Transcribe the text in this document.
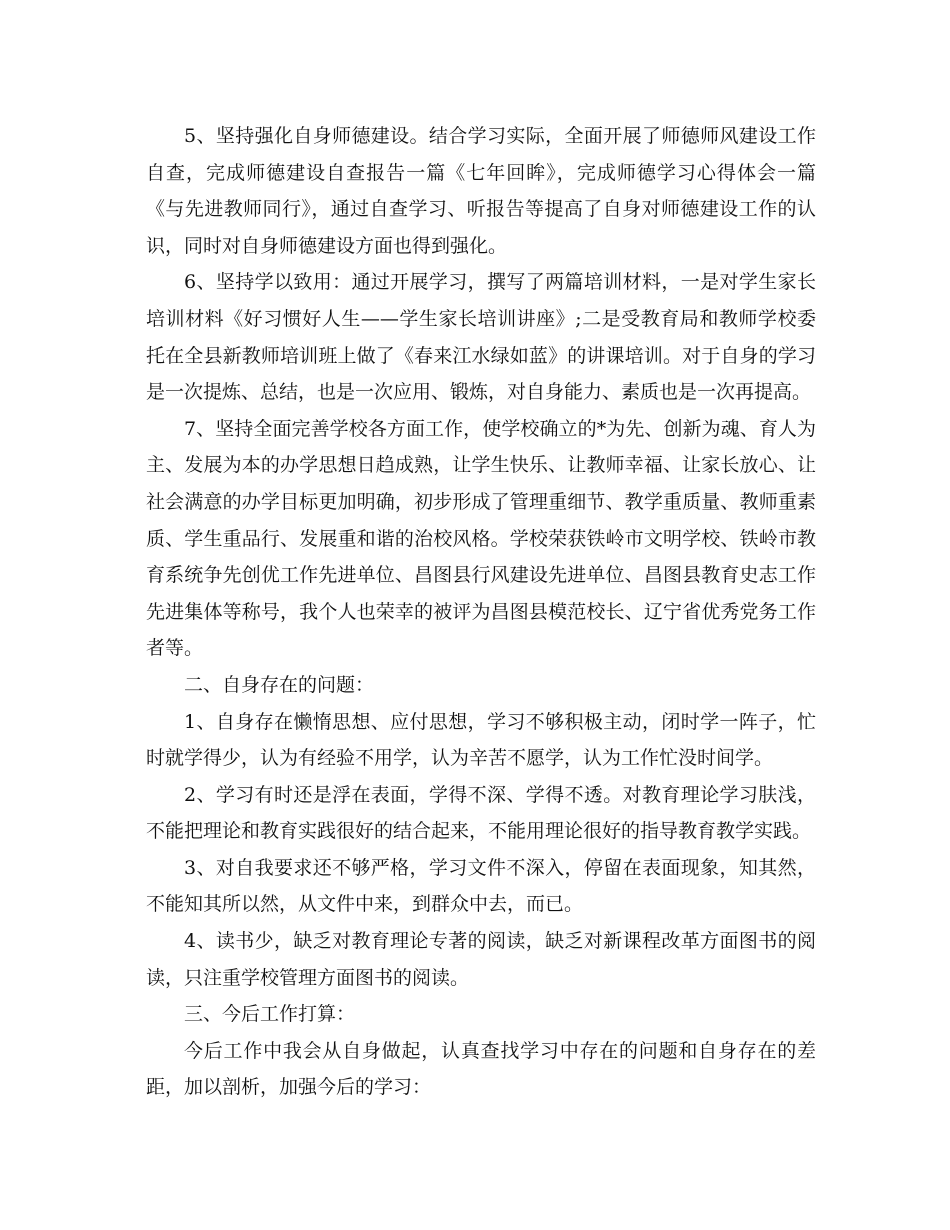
5、坚持强化自身师德建设。结合学习实际，全面开展了师德师风建设工作自查，完成师德建设自查报告一篇《七年回眸》，完成师德学习心得体会一篇《与先进教师同行》，通过自查学习、听报告等提高了自身对师德建设工作的认识，同时对自身师德建设方面也得到强化。

6、坚持学以致用：通过开展学习，撰写了两篇培训材料，一是对学生家长培训材料《好习惯好人生——学生家长培训讲座》;二是受教育局和教师学校委托在全县新教师培训班上做了《春来江水绿如蓝》的讲课培训。对于自身的学习是一次提炼、总结，也是一次应用、锻炼，对自身能力、素质也是一次再提高。

7、坚持全面完善学校各方面工作，使学校确立的*为先、创新为魂、育人为主、发展为本的办学思想日趋成熟，让学生快乐、让教师幸福、让家长放心、让社会满意的办学目标更加明确，初步形成了管理重细节、教学重质量、教师重素质、学生重品行、发展重和谐的治校风格。学校荣获铁岭市文明学校、铁岭市教育系统争先创优工作先进单位、昌图县行风建设先进单位、昌图县教育史志工作先进集体等称号，我个人也荣幸的被评为昌图县模范校长、辽宁省优秀党务工作者等。

二、自身存在的问题：

1、自身存在懒惰思想、应付思想，学习不够积极主动，闭时学一阵子，忙时就学得少，认为有经验不用学，认为辛苦不愿学，认为工作忙没时间学。

2、学习有时还是浮在表面，学得不深、学得不透。对教育理论学习肤浅，不能把理论和教育实践很好的结合起来，不能用理论很好的指导教育教学实践。

3、对自我要求还不够严格，学习文件不深入，停留在表面现象，知其然，不能知其所以然，从文件中来，到群众中去，而已。

4、读书少，缺乏对教育理论专著的阅读，缺乏对新课程改革方面图书的阅读，只注重学校管理方面图书的阅读。

三、今后工作打算：

今后工作中我会从自身做起，认真查找学习中存在的问题和自身存在的差距，加以剖析，加强今后的学习：
